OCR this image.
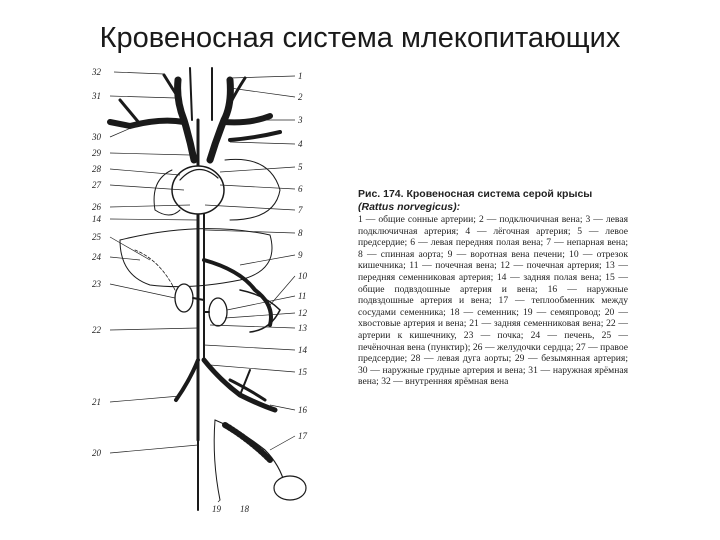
Кровеносная система млекопитающих
1
2
3
4
5
6
7
8
9
10
11
12
13
14
15
16
17
32
31
30
29
28
27
26
14
25
24
23
22
21
20
19 18
Рис. 174. Кровеносная система серой крысы
(Rattus norvegicus):
1 — общие сонные артерии; 2 — подключичная вена; 3 — левая подключичная артерия; 4 — лёгочная артерия; 5 — левое предсердие; 6 — левая передняя полая вена; 7 — непарная вена; 8 — спинная аорта; 9 — воротная вена печени; 10 — отрезок кишечника; 11 — почечная вена; 12 — почечная артерия; 13 — передняя семенниковая артерия; 14 — задняя полая вена; 15 — общие подвздошные артерия и вена; 16 — наружные подвздошные артерия и вена; 17 — теплообменник между сосудами семенника; 18 — семенник; 19 — семяпровод; 20 — хвостовые артерия и вена; 21 — задняя семенниковая вена; 22 — артерии к кишечнику, 23 — почка; 24 — печень, 25 — печёночная вена (пунктир); 26 — желудочки сердца; 27 — правое предсердие; 28 — левая дуга аорты; 29 — безымянная артерия; 30 — наружные грудные артерия и вена; 31 — наружная ярёмная вена; 32 — внутренняя ярёмная вена
